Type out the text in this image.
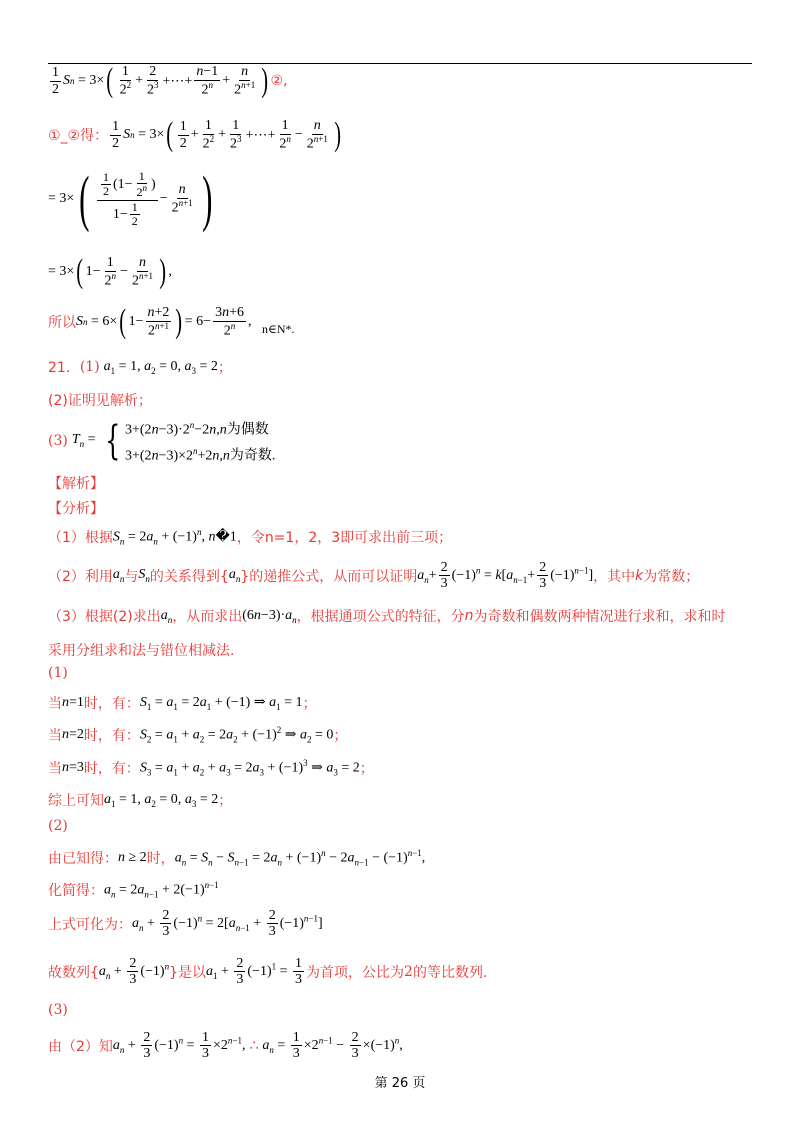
$\frac{1}{2}$ S n = 3× ( $\frac{1}{2^2} + \frac{2}{2^3}$ +⋯+ $\frac{n-1}{2^n} + \frac{n}{2^{n+1}}$ ) ②,
①_②得： $\frac{1}{2}$ S n = 3× ( $\frac{1}{2} + \frac{1}{2^2} + \frac{1}{2^3}$ +⋯+ $\frac{1}{2^n} - \frac{n}{2^{n+1}}$ )
= 3× ( $\frac{\frac{1}{2} (1- \frac{1}{2^n} )}{1- \frac{1}{2}} - \frac{n}{2^{n+1}}$ )
= 3× ( $1- \frac{1}{2^n} - \frac{n}{2^{n+1}}$ ) ,
所以 S n = 6× ( $1- \frac{n+2}{2^{n+1}}$ ) = $6- \frac{3n+6}{2^n}$ , n∈N*.
21． (1) $a_1 = 1$, $a_2 = 0$, $a_3 = 2$ ；
(2)证明见解析；
(3) $T_n$ = { $3+(2n-3)\cdot 2^n-2n,n$为偶数
$3+(2n-3)\times 2^n+2n,n$为奇数.
【解析】
【分析】
（1）根据 $S_n = 2a_n + (-1)^n$, n�1 ，令 n=1，2，3 即可求出前三项；
（2）利用 $a_n$ 与 $S_n$ 的关系得到{ $a_n$ }的递推公式，从而可以证明 $a_n+ \frac{2}{3} (-1)^n = k[a_{n-1}+ \frac{2}{3} (-1)^{n-1}]$ ，其中 k 为常数；
（3）根据(2)求出 $a_n$ ，从而求出 $(6n-3)\cdot a_n$ ，根据通项公式的特征，分 n 为奇数和偶数两种情况进行求和，求和时
采用分组求和法与错位相减法.
(1)
当 n=1 时，有： $S_1 = a_1 = 2a_1 + (-1)$ ⇒ $a_1 = 1$ ；
当 n=2 时，有： $S_2 = a_1 + a_2 = 2a_2 + (-1)^2$ ⇒ $a_2 = 0$ ；
当 n=3 时，有： $S_3 = a_1 + a_2 + a_3 = 2a_3 + (-1)^3$ ⇒ $a_3 = 2$ ；
综上可知 $a_1 = 1$, $a_2 = 0$, $a_3 = 2$ ；
(2)
由已知得： n ≥ 2 时， $a_n = S_n - S_{n-1} = 2a_n + (-1)^n - 2a_{n-1} - (-1)^{n-1}$,
化简得： $a_n = 2a_{n-1} + 2(-1)^{n-1}$
上式可化为： $a_n + \frac{2}{3} (-1)^n = 2[a_{n-1} + \frac{2}{3} (-1)^{n-1}]$
故数列{ $a_n + \frac{2}{3} (-1)^n$ }是以 $a_1 + \frac{2}{3} (-1)^1 = \frac{1}{3}$ 为首项，公比为 2 的等比数列.
(3)
由（2）知 $a_n + \frac{2}{3} (-1)^n = \frac{1}{3} \times 2^{n-1}$, ∴ $a_n = \frac{1}{3} \times 2^{n-1} - \frac{2}{3} \times(-1)^n$,
第 26 页
